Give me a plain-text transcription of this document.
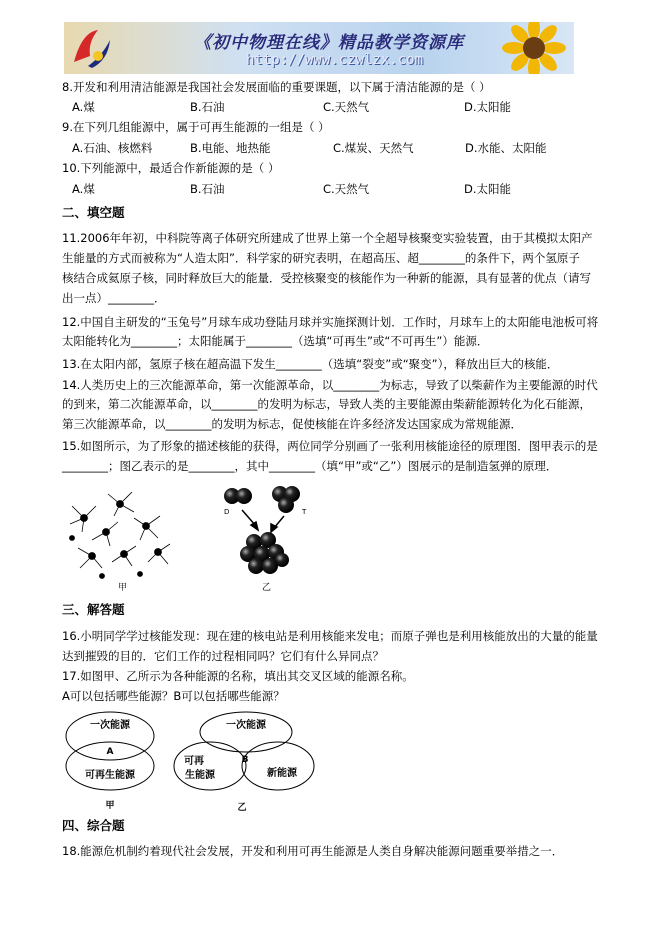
《初中物理在线》精品教学资源库
http://www.czwlzx.com
8.开发和利用清洁能源是我国社会发展面临的重要课题，以下属于清洁能源的是（ ）
A.煤	B.石油	C.天然气	D.太阳能
9.在下列几组能源中，属于可再生能源的一组是（ ）
A.石油、核燃料	B.电能、地热能	C.煤炭、天然气	D.水能、太阳能
10.下列能源中，最适合作新能源的是（ ）
A.煤	B.石油	C.天然气	D.太阳能
二、填空题
11.2006年年初，中科院等离子体研究所建成了世界上第一个全超导核聚变实验装置，由于其模拟太阳产
生能量的方式而被称为“人造太阳”．科学家的研究表明，在超高压、超________的条件下，两个氢原子
核结合成氦原子核，同时释放巨大的能量．受控核聚变的核能作为一种新的能源，具有显著的优点（请写
出一点）________．
12.中国自主研发的“玉兔号”月球车成功登陆月球并实施探测计划．工作时，月球车上的太阳能电池板可将
太阳能转化为________；太阳能属于________（选填“可再生”或“不可再生”）能源．
13.在太阳内部，氢原子核在超高温下发生________（选填“裂变”或“聚变”），释放出巨大的核能．
14.人类历史上的三次能源革命，第一次能源革命，以________为标志，导致了以柴薪作为主要能源的时代
的到来，第二次能源革命，以________的发明为标志，导致人类的主要能源由柴薪能源转化为化石能源，
第三次能源革命，以________的发明为标志，促使核能在许多经济发达国家成为常规能源．
15.如图所示，为了形象的描述核能的获得，两位同学分别画了一张利用核能途径的原理图．图甲表示的是
________；图乙表示的是________，其中________（填“甲”或“乙”）图展示的是制造氢弹的原理．
甲
D	T
乙
三、解答题
16.小明同学学过核能发现：现在建的核电站是利用核能来发电；而原子弹也是利用核能放出的大量的能量
达到摧毁的目的．它们工作的过程相同吗？它们有什么异同点？
17.如图甲、乙所示为各种能源的名称，填出其交叉区域的能源名称。
A可以包括哪些能源？B可以包括哪些能源？
一次能源
A
可再生能源
甲
一次能源
可再
生能源
B
新能源
乙
四、综合题
18.能源危机制约着现代社会发展，开发和利用可再生能源是人类自身解决能源问题重要举措之一．
